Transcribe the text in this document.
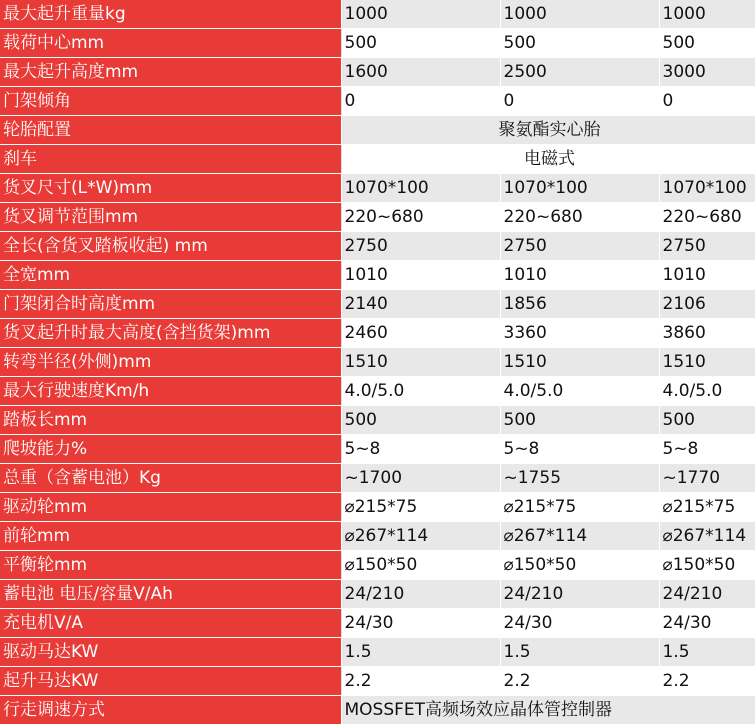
最大起升重量kg	1000	1000	1000
载荷中心mm	500	500	500
最大起升高度mm	1600	2500	3000
门架倾角	0	0	0
轮胎配置	聚氨酯实心胎		
刹车	电磁式		
货叉尺寸(L*W)mm	1070*100	1070*100	1070*100
货叉调节范围mm	220~680	220~680	220~680
全长(含货叉踏板收起) mm	2750	2750	2750
全宽mm	1010	1010	1010
门架闭合时高度mm	2140	1856	2106
货叉起升时最大高度(含挡货架)mm	2460	3360	3860
转弯半径(外侧)mm	1510	1510	1510
最大行驶速度Km/h	4.0/5.0	4.0/5.0	4.0/5.0
踏板长mm	500	500	500
爬坡能力%	5~8	5~8	5~8
总重（含蓄电池）Kg	~1700	~1755	~1770
驱动轮mm	⌀215*75	⌀215*75	⌀215*75
前轮mm	⌀267*114	⌀267*114	⌀267*114
平衡轮mm	⌀150*50	⌀150*50	⌀150*50
蓄电池 电压/容量V/Ah	24/210	24/210	24/210
充电机V/A	24/30	24/30	24/30
驱动马达KW	1.5	1.5	1.5
起升马达KW	2.2	2.2	2.2
行走调速方式	MOSSFET高频场效应晶体管控制器		
